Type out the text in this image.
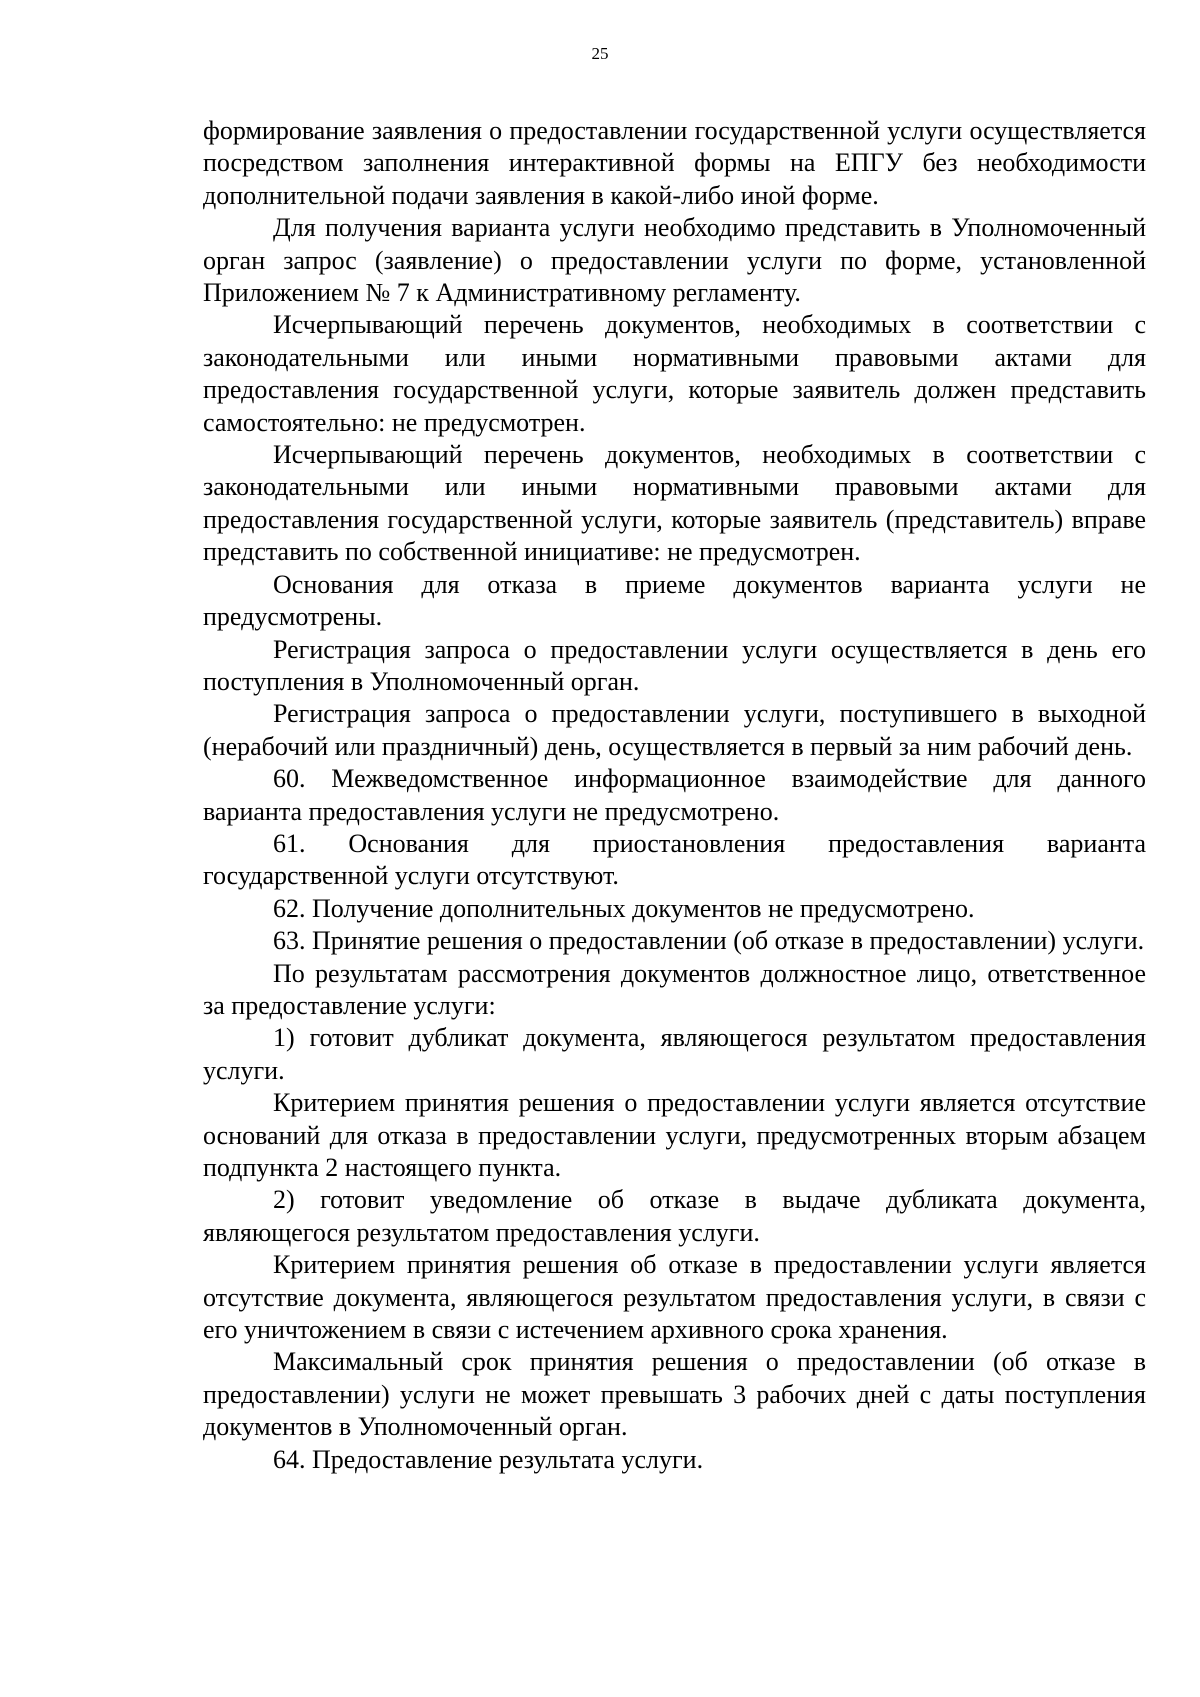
25

формирование заявления о предоставлении государственной услуги осуществляется посредством заполнения интерактивной формы на ЕПГУ без необходимости дополнительной подачи заявления в какой-либо иной форме.

Для получения варианта услуги необходимо представить в Уполномоченный орган запрос (заявление) о предоставлении услуги по форме, установленной Приложением № 7 к Административному регламенту.

Исчерпывающий перечень документов, необходимых в соответствии с законодательными или иными нормативными правовыми актами для предоставления государственной услуги, которые заявитель должен представить самостоятельно: не предусмотрен.

Исчерпывающий перечень документов, необходимых в соответствии с законодательными или иными нормативными правовыми актами для предоставления государственной услуги, которые заявитель (представитель) вправе представить по собственной инициативе: не предусмотрен.

Основания для отказа в приеме документов варианта услуги не предусмотрены.

Регистрация запроса о предоставлении услуги осуществляется в день его поступления в Уполномоченный орган.

Регистрация запроса о предоставлении услуги, поступившего в выходной (нерабочий или праздничный) день, осуществляется в первый за ним рабочий день.

60. Межведомственное информационное взаимодействие для данного варианта предоставления услуги не предусмотрено.

61. Основания для приостановления предоставления варианта государственной услуги отсутствуют.

62. Получение дополнительных документов не предусмотрено.

63. Принятие решения о предоставлении (об отказе в предоставлении) услуги.

По результатам рассмотрения документов должностное лицо, ответственное за предоставление услуги:

1) готовит дубликат документа, являющегося результатом предоставления услуги.

Критерием принятия решения о предоставлении услуги является отсутствие оснований для отказа в предоставлении услуги, предусмотренных вторым абзацем подпункта 2 настоящего пункта.

2) готовит уведомление об отказе в выдаче дубликата документа, являющегося результатом предоставления услуги.

Критерием принятия решения об отказе в предоставлении услуги является отсутствие документа, являющегося результатом предоставления услуги, в связи с его уничтожением в связи с истечением архивного срока хранения.

Максимальный срок принятия решения о предоставлении (об отказе в предоставлении) услуги не может превышать 3 рабочих дней с даты поступления документов в Уполномоченный орган.

64. Предоставление результата услуги.
